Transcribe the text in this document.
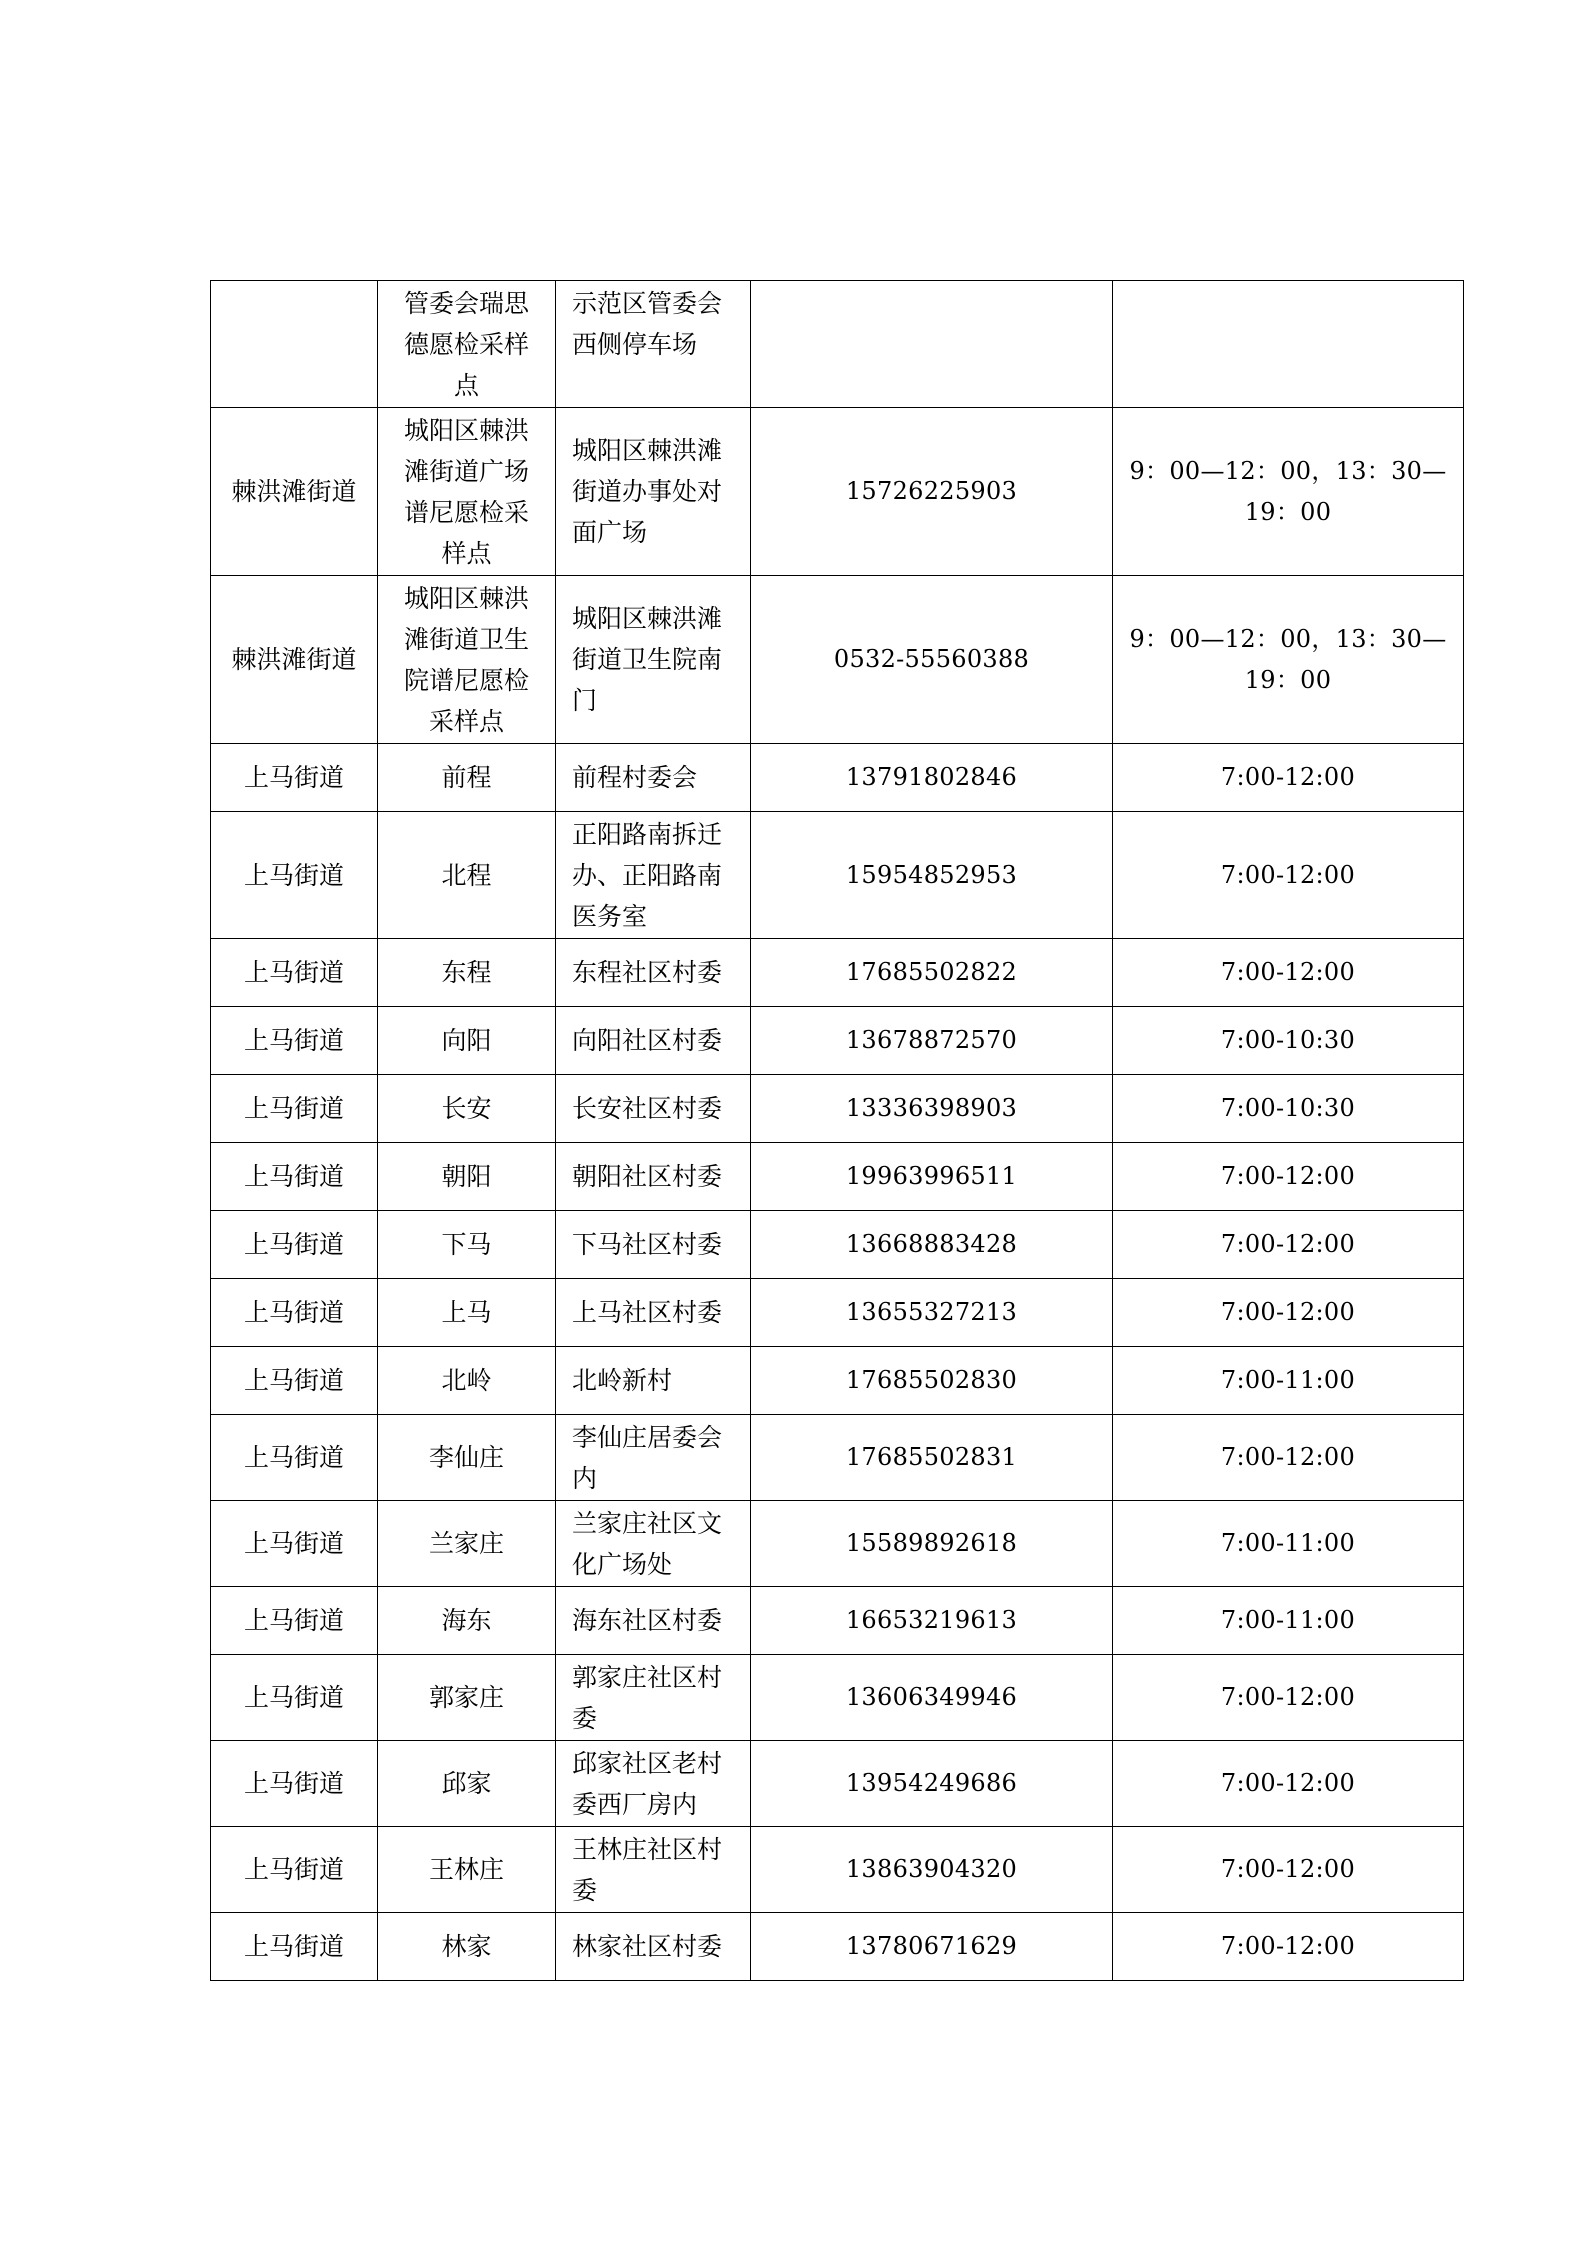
	管委会瑞思德愿检采样点	示范区管委会西侧停车场		
棘洪滩街道	城阳区棘洪滩街道广场谱尼愿检采样点	城阳区棘洪滩街道办事处对面广场	15726225903	9：00—12：00，13：30—19：00
棘洪滩街道	城阳区棘洪滩街道卫生院谱尼愿检采样点	城阳区棘洪滩街道卫生院南门	0532-55560388	9：00—12：00，13：30—19：00
上马街道	前程	前程村委会	13791802846	7:00-12:00
上马街道	北程	正阳路南拆迁办、正阳路南医务室	15954852953	7:00-12:00
上马街道	东程	东程社区村委	17685502822	7:00-12:00
上马街道	向阳	向阳社区村委	13678872570	7:00-10:30
上马街道	长安	长安社区村委	13336398903	7:00-10:30
上马街道	朝阳	朝阳社区村委	19963996511	7:00-12:00
上马街道	下马	下马社区村委	13668883428	7:00-12:00
上马街道	上马	上马社区村委	13655327213	7:00-12:00
上马街道	北岭	北岭新村	17685502830	7:00-11:00
上马街道	李仙庄	李仙庄居委会内	17685502831	7:00-12:00
上马街道	兰家庄	兰家庄社区文化广场处	15589892618	7:00-11:00
上马街道	海东	海东社区村委	16653219613	7:00-11:00
上马街道	郭家庄	郭家庄社区村委	13606349946	7:00-12:00
上马街道	邱家	邱家社区老村委西厂房内	13954249686	7:00-12:00
上马街道	王林庄	王林庄社区村委	13863904320	7:00-12:00
上马街道	林家	林家社区村委	13780671629	7:00-12:00
